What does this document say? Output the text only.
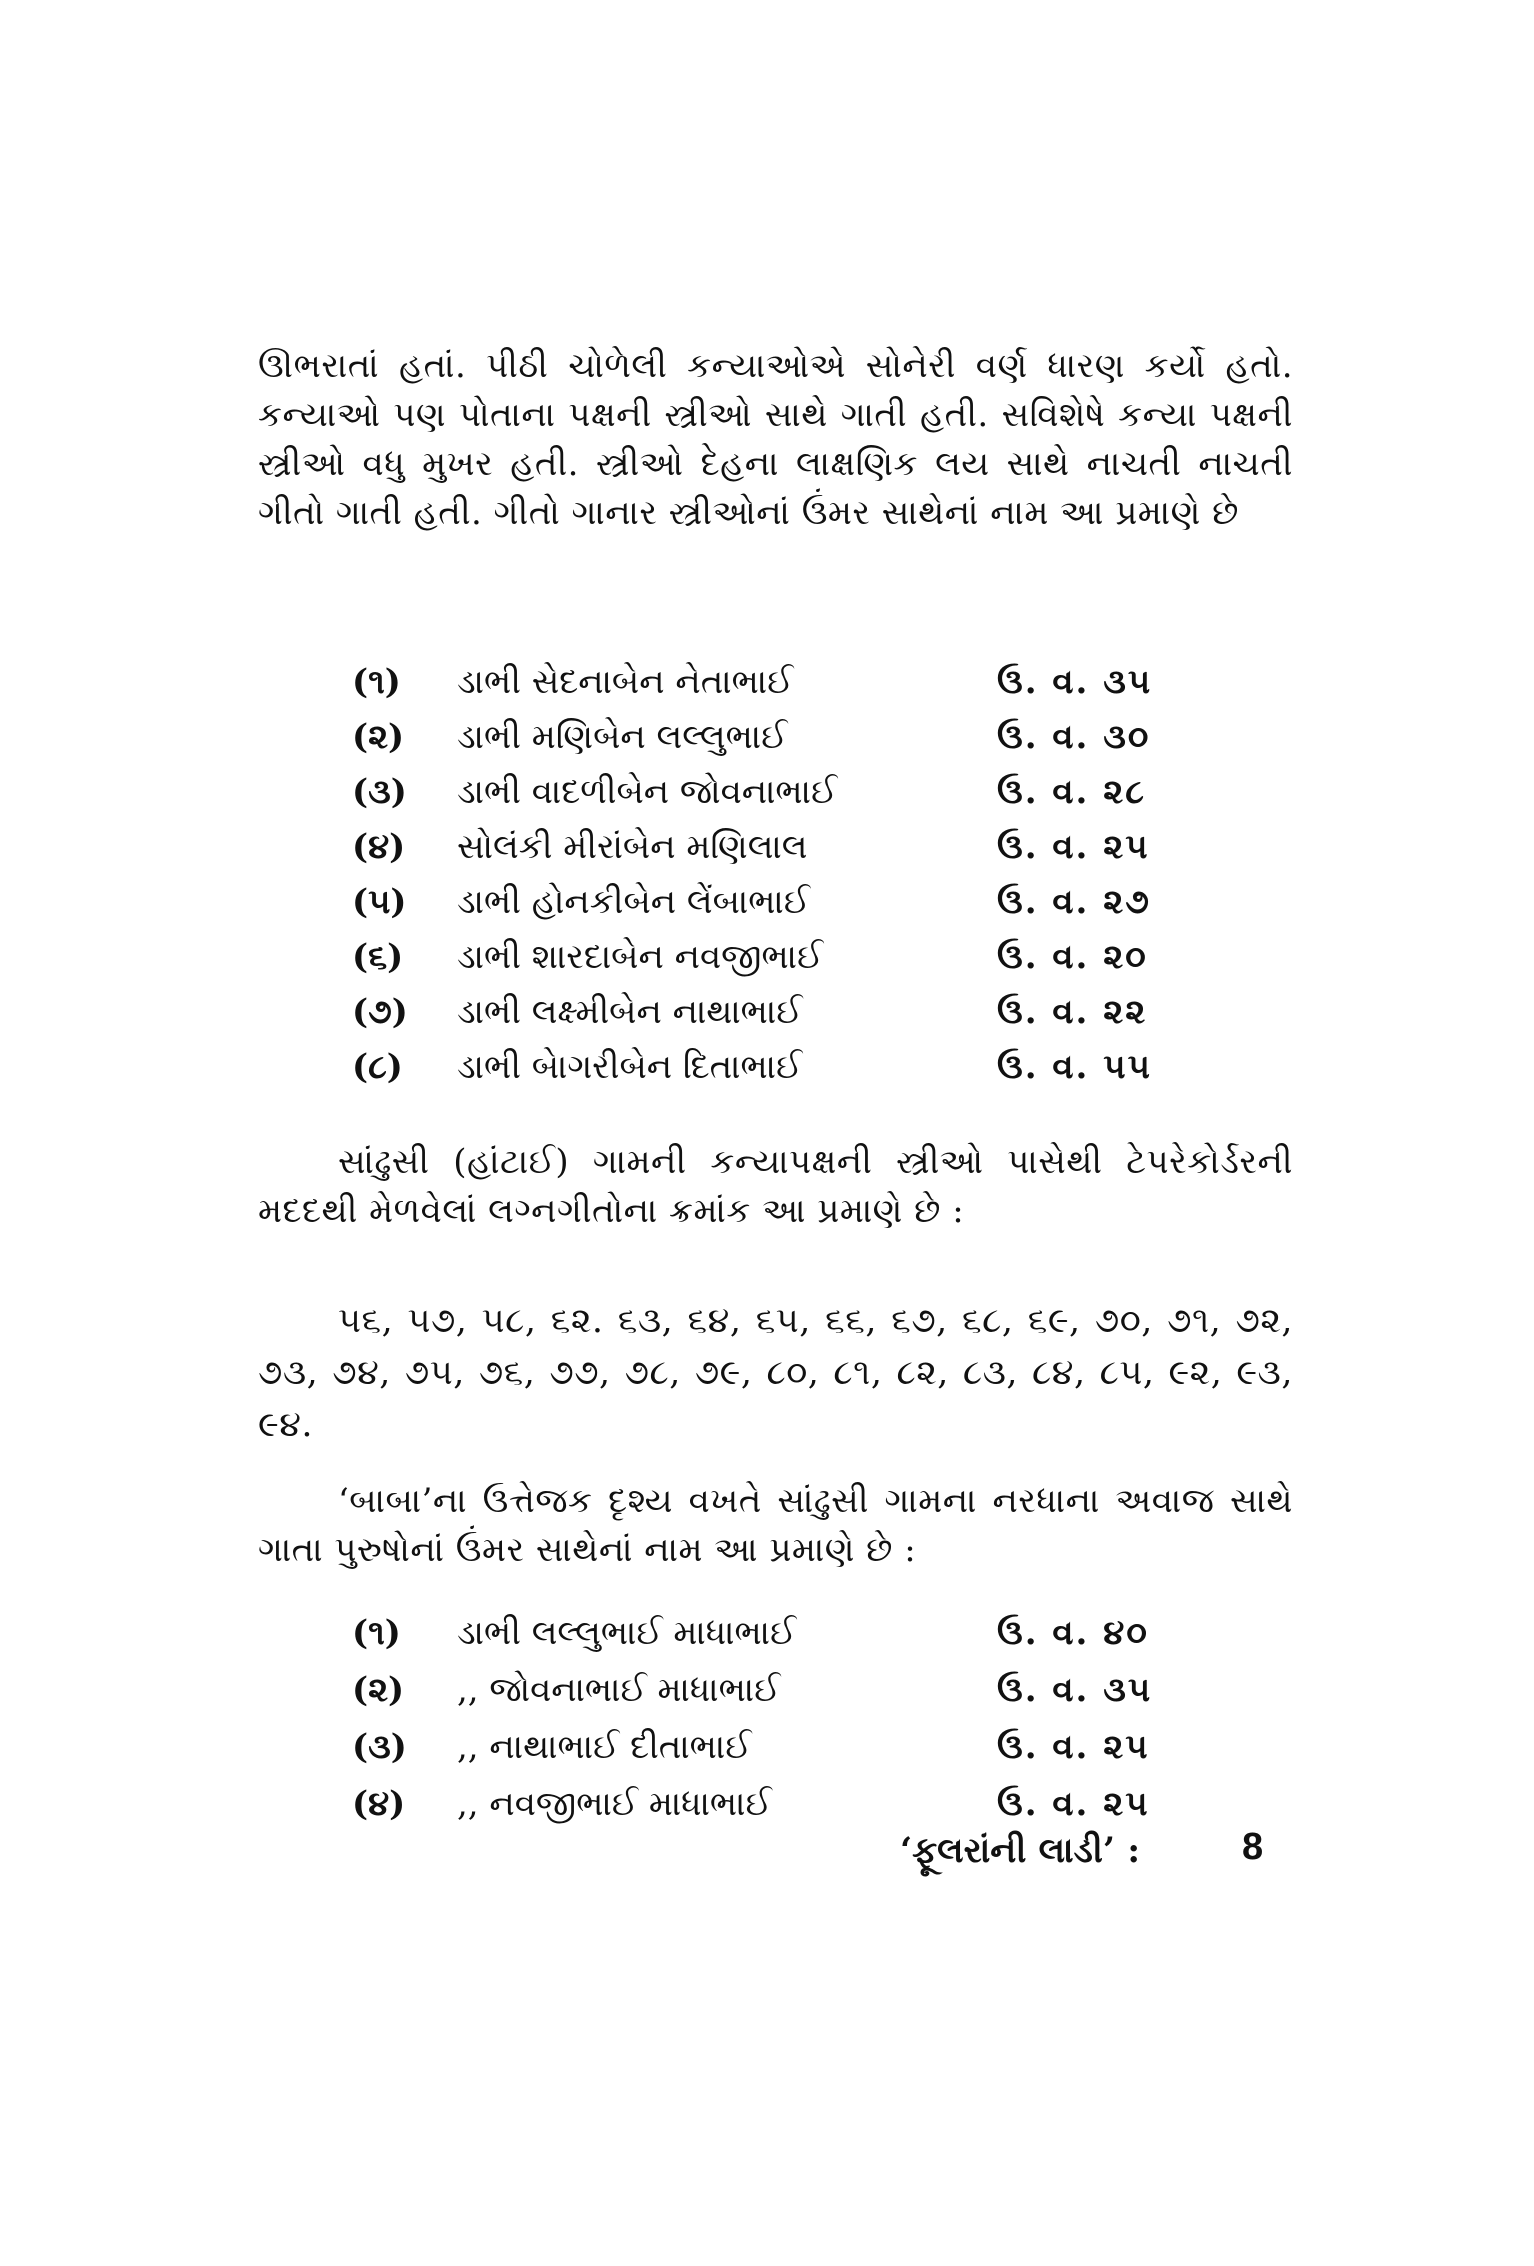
ઊભરાતાં હતાં. પીઠી ચોળેલી કન્યાઓએ સોનેરી વર્ણ ધારણ કર્યો હતો. કન્યાઓ પણ પોતાના પક્ષની સ્ત્રીઓ સાથે ગાતી હતી. સવિશેષે કન્યા પક્ષની સ્ત્રીઓ વધુ મુખર હતી. સ્ત્રીઓ દેહના લાક્ષણિક લય સાથે નાચતી નાચતી ગીતો ગાતી હતી. ગીતો ગાનાર સ્ત્રીઓનાં ઉંમર સાથેનાં નામ આ પ્રમાણે છે

(૧)	ડાભી સેદનાબેન નેતાભાઈ	ઉ. વ. ૩૫
(૨)	ડાભી મણિબેન લલ્લુભાઈ	ઉ. વ. ૩૦
(૩)	ડાભી વાદળીબેન જોવનાભાઈ	ઉ. વ. ૨૮
(૪)	સોલંકી મીરાંબેન મણિલાલ	ઉ. વ. ૨૫
(૫)	ડાભી હોનકીબેન લેંબાભાઈ	ઉ. વ. ૨૭
(૬)	ડાભી શારદાબેન નવજીભાઈ	ઉ. વ. ૨૦
(૭)	ડાભી લક્ષ્મીબેન નાથાભાઈ	ઉ. વ. ૨૨
(૮)	ડાભી બેાગરીબેન દિતાભાઈ	ઉ. વ. ૫૫

સાંઢુસી (હાંટાઈ) ગામની કન્યાપક્ષની સ્ત્રીઓ પાસેથી ટેપરેકોર્ડરની મદદથી મેળવેલાં લગ્નગીતોના ક્રમાંક આ પ્રમાણે છે :

૫૬, ૫૭, ૫૮, ૬૨. ૬૩, ૬૪, ૬૫, ૬૬, ૬૭, ૬૮, ૬૯, ૭૦, ૭૧, ૭૨, ૭૩, ૭૪, ૭૫, ૭૬, ૭૭, ૭૮, ૭૯, ૮૦, ૮૧, ૮૨, ૮૩, ૮૪, ૮૫, ૯૨, ૯૩, ૯૪.

‘બાબા’ના ઉત્તેજક દૃશ્ય વખતે સાંઢુસી ગામના નરધાના અવાજ સાથે ગાતા પુરુષોનાં ઉંમર સાથેનાં નામ આ પ્રમાણે છે :

(૧)	ડાભી લલ્લુભાઈ માધાભાઈ	ઉ. વ. ૪૦
(૨)	,, જોવનાભાઈ માધાભાઈ	ઉ. વ. ૩૫
(૩)	,, નાથાભાઈ દીતાભાઈ	ઉ. વ. ૨૫
(૪)	,, નવજીભાઈ માધાભાઈ	ઉ. વ. ૨૫
‘ફૂલરાંની લાડી’ :	8
